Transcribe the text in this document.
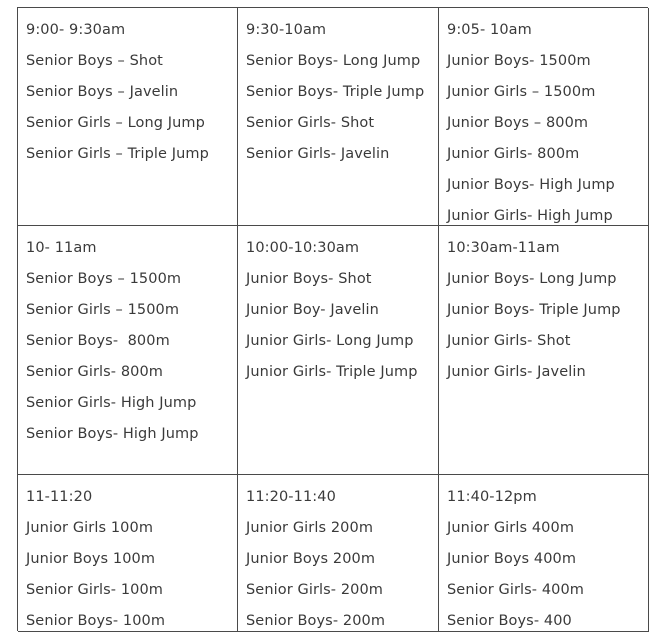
9:00- 9:30am
Senior Boys – Shot
Senior Boys – Javelin
Senior Girls – Long Jump
Senior Girls – Triple Jump
9:30-10am
Senior Boys- Long Jump
Senior Boys- Triple Jump
Senior Girls- Shot
Senior Girls- Javelin
9:05- 10am
Junior Boys- 1500m
Junior Girls – 1500m
Junior Boys – 800m
Junior Girls- 800m
Junior Boys- High Jump
Junior Girls- High Jump
10- 11am
Senior Boys – 1500m
Senior Girls – 1500m
Senior Boys-  800m
Senior Girls- 800m
Senior Girls- High Jump
Senior Boys- High Jump
10:00-10:30am
Junior Boys- Shot
Junior Boy- Javelin
Junior Girls- Long Jump
Junior Girls- Triple Jump
10:30am-11am
Junior Boys- Long Jump
Junior Boys- Triple Jump
Junior Girls- Shot
Junior Girls- Javelin
11-11:20
Junior Girls 100m
Junior Boys 100m
Senior Girls- 100m
Senior Boys- 100m
11:20-11:40
Junior Girls 200m
Junior Boys 200m
Senior Girls- 200m
Senior Boys- 200m
11:40-12pm
Junior Girls 400m
Junior Boys 400m
Senior Girls- 400m
Senior Boys- 400
